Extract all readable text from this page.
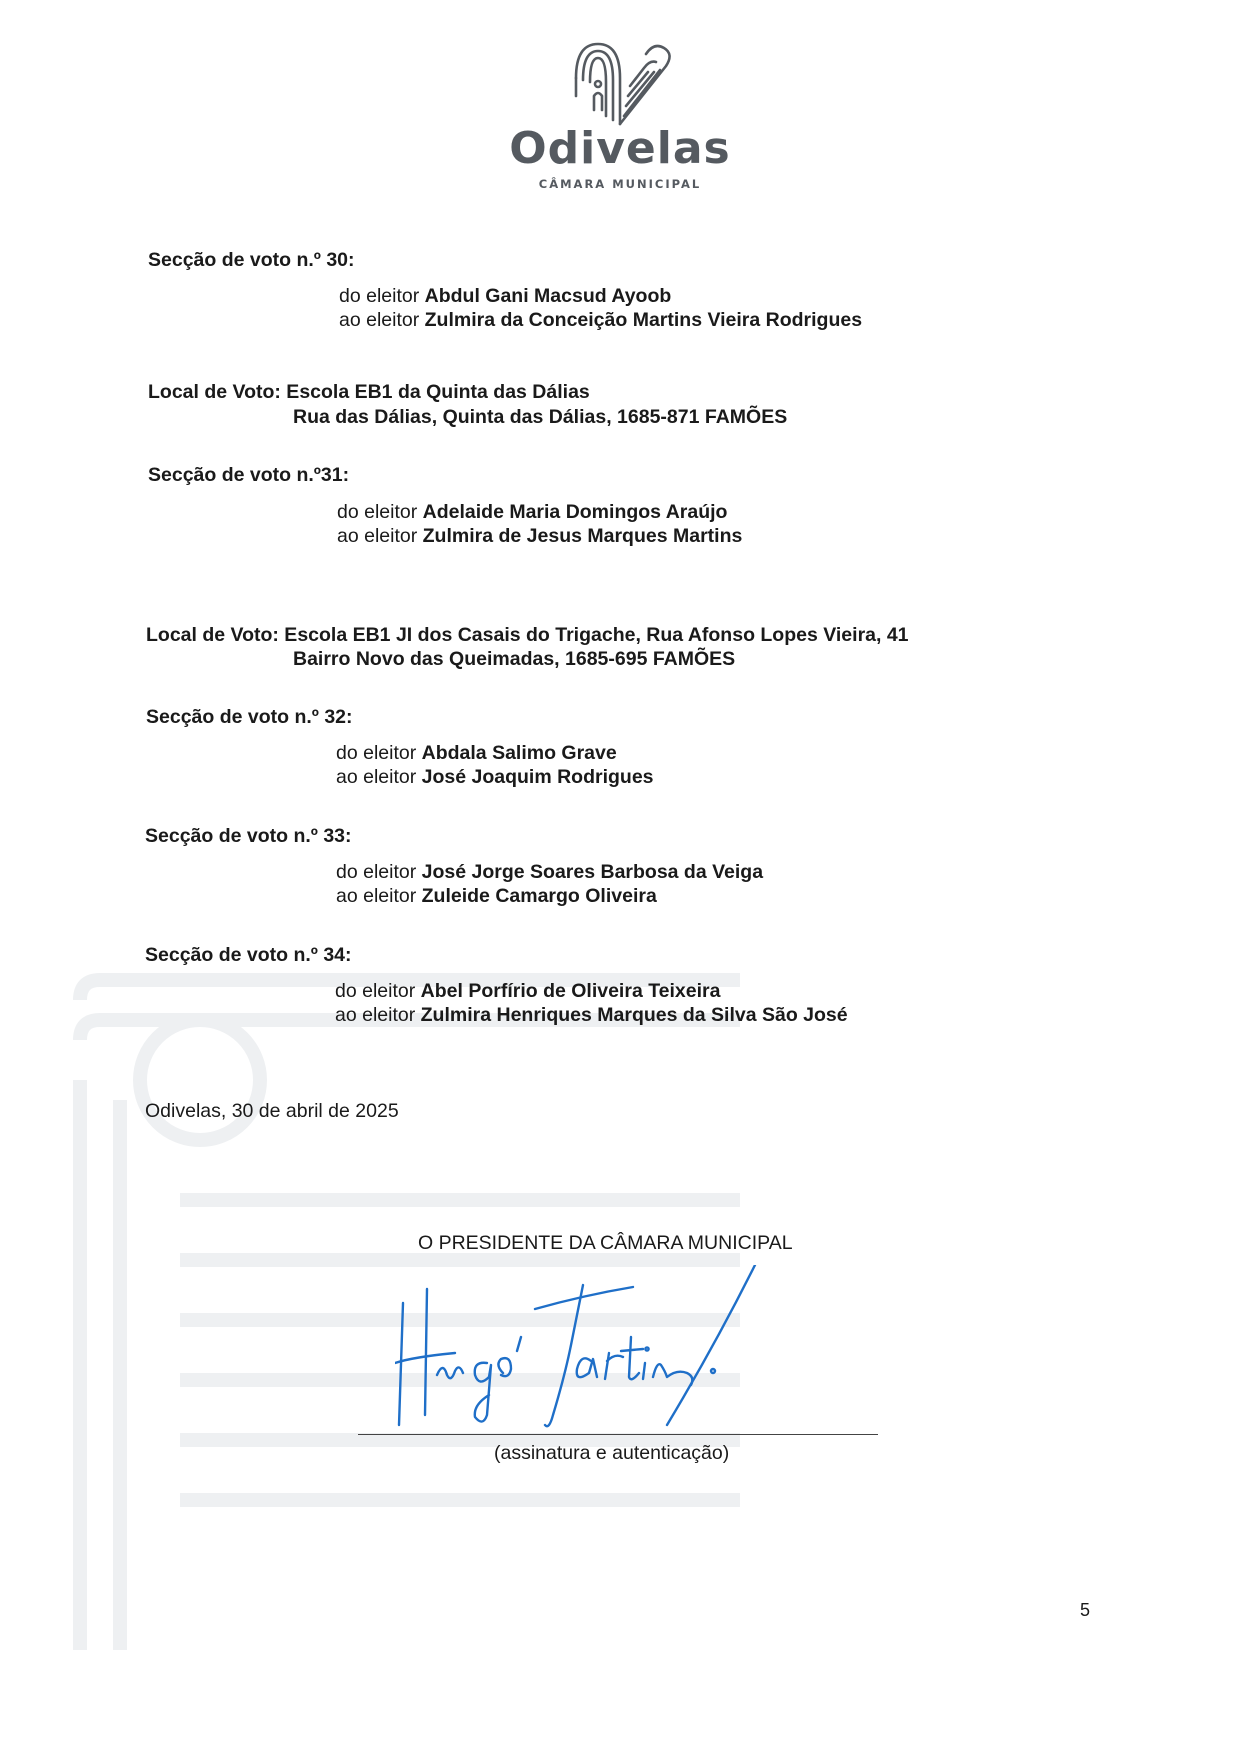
Odivelas
CÂMARA MUNICIPAL
Secção de voto n.º 30:
do eleitor Abdul Gani Macsud Ayoob
ao eleitor Zulmira da Conceição Martins Vieira Rodrigues
Local de Voto: Escola EB1 da Quinta das Dálias
Rua das Dálias, Quinta das Dálias, 1685-871 FAMÕES
Secção de voto n.º31:
do eleitor Adelaide Maria Domingos Araújo
ao eleitor Zulmira de Jesus Marques Martins
Local de Voto: Escola EB1 JI dos Casais do Trigache, Rua Afonso Lopes Vieira, 41
Bairro Novo das Queimadas, 1685-695 FAMÕES
Secção de voto n.º 32:
do eleitor Abdala Salimo Grave
ao eleitor José Joaquim Rodrigues
Secção de voto n.º 33:
do eleitor José Jorge Soares Barbosa da Veiga
ao eleitor Zuleide Camargo Oliveira
Secção de voto n.º 34:
do eleitor Abel Porfírio de Oliveira Teixeira
ao eleitor Zulmira Henriques Marques da Silva São José
Odivelas, 30 de abril de 2025
O PRESIDENTE DA CÂMARA MUNICIPAL
(assinatura e autenticação)
5
